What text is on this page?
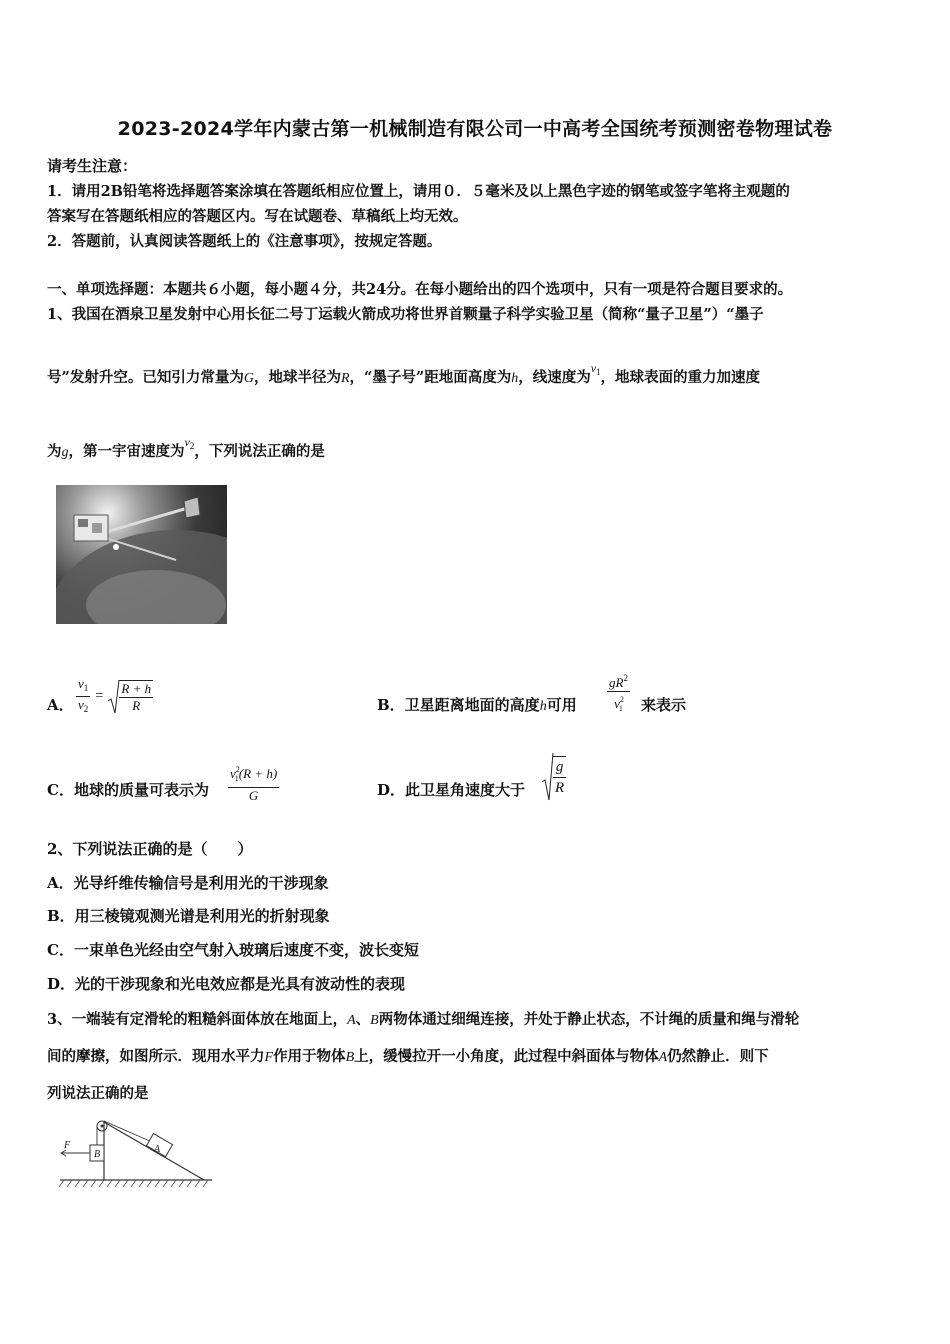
2023-2024学年内蒙古第一机械制造有限公司一中高考全国统考预测密卷物理试卷
请考生注意：
1．请用2B铅笔将选择题答案涂填在答题纸相应位置上，请用０．５毫米及以上黑色字迹的钢笔或签字笔将主观题的
答案写在答题纸相应的答题区内。写在试题卷、草稿纸上均无效。
2．答题前，认真阅读答题纸上的《注意事项》，按规定答题。
一、单项选择题：本题共６小题，每小题４分，共24分。在每小题给出的四个选项中，只有一项是符合题目要求的。
1、我国在酒泉卫星发射中心用长征二号丁运载火箭成功将世界首颗量子科学实验卫星（简称“量子卫星”）“墨子
号”发射升空。已知引力常量为G，地球半径为R，“墨子号”距地面高度为h，线速度为$^{v_1}$，地球表面的重力加速度
为g，第一宇宙速度为$^{v_2}$，下列说法正确的是
A． $\frac{v_1}{v_2} = \frac{R + h}{R}$	B．卫星距离地面的高度h可用 $\frac{gR^2}{v^2_1}$ 来表示
C．地球的质量可表示为 $\frac{v^2_1(R + h)}{G}$	D．此卫星角速度大于 $\frac{g}{R}$
2、下列说法正确的是（　　）
A．光导纤维传输信号是利用光的干涉现象
B．用三棱镜观测光谱是利用光的折射现象
C．一束单色光经由空气射入玻璃后速度不变，波长变短
D．光的干涉现象和光电效应都是光具有波动性的表现
3、一端装有定滑轮的粗糙斜面体放在地面上，A、B两物体通过细绳连接，并处于静止状态，不计绳的质量和绳与滑轮
间的摩擦，如图所示．现用水平力F作用于物体B上，缓慢拉开一小角度，此过程中斜面体与物体A仍然静止．则下
列说法正确的是
F
B	A
